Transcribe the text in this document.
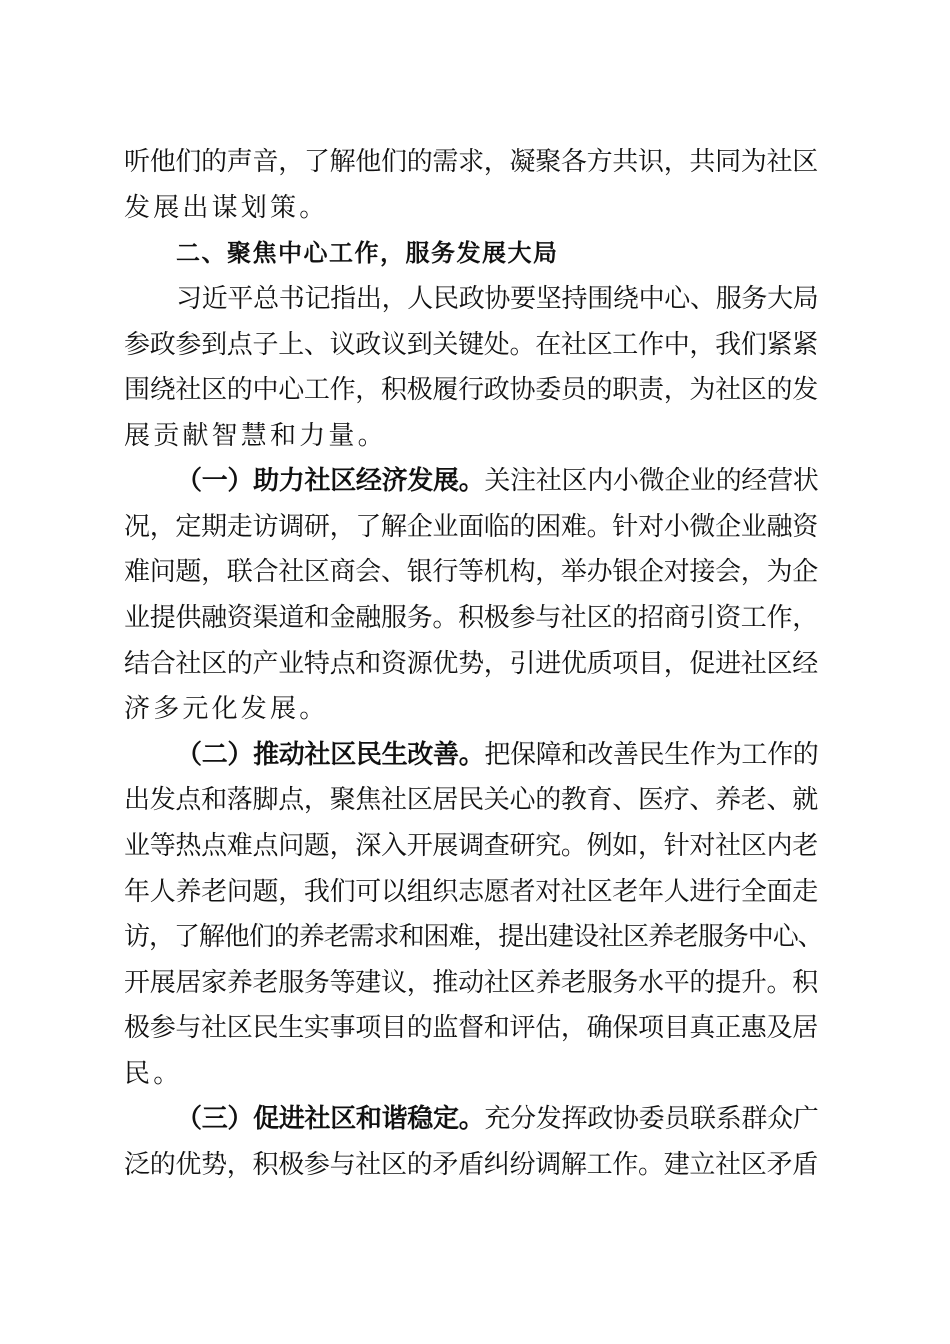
听他们的声音，了解他们的需求，凝聚各方共识，共同为社区
发展出谋划策。
二、聚焦中心工作，服务发展大局
习近平总书记指出，人民政协要坚持围绕中心、服务大局
参政参到点子上、议政议到关键处。在社区工作中，我们紧紧
围绕社区的中心工作，积极履行政协委员的职责，为社区的发
展贡献智慧和力量。
（一）助力社区经济发展。关注社区内小微企业的经营状
况，定期走访调研，了解企业面临的困难。针对小微企业融资
难问题，联合社区商会、银行等机构，举办银企对接会，为企
业提供融资渠道和金融服务。积极参与社区的招商引资工作，
结合社区的产业特点和资源优势，引进优质项目，促进社区经
济多元化发展。
（二）推动社区民生改善。把保障和改善民生作为工作的
出发点和落脚点，聚焦社区居民关心的教育、医疗、养老、就
业等热点难点问题，深入开展调查研究。例如，针对社区内老
年人养老问题，我们可以组织志愿者对社区老年人进行全面走
访，了解他们的养老需求和困难，提出建设社区养老服务中心、
开展居家养老服务等建议，推动社区养老服务水平的提升。积
极参与社区民生实事项目的监督和评估，确保项目真正惠及居
民。
（三）促进社区和谐稳定。充分发挥政协委员联系群众广
泛的优势，积极参与社区的矛盾纠纷调解工作。建立社区矛盾
